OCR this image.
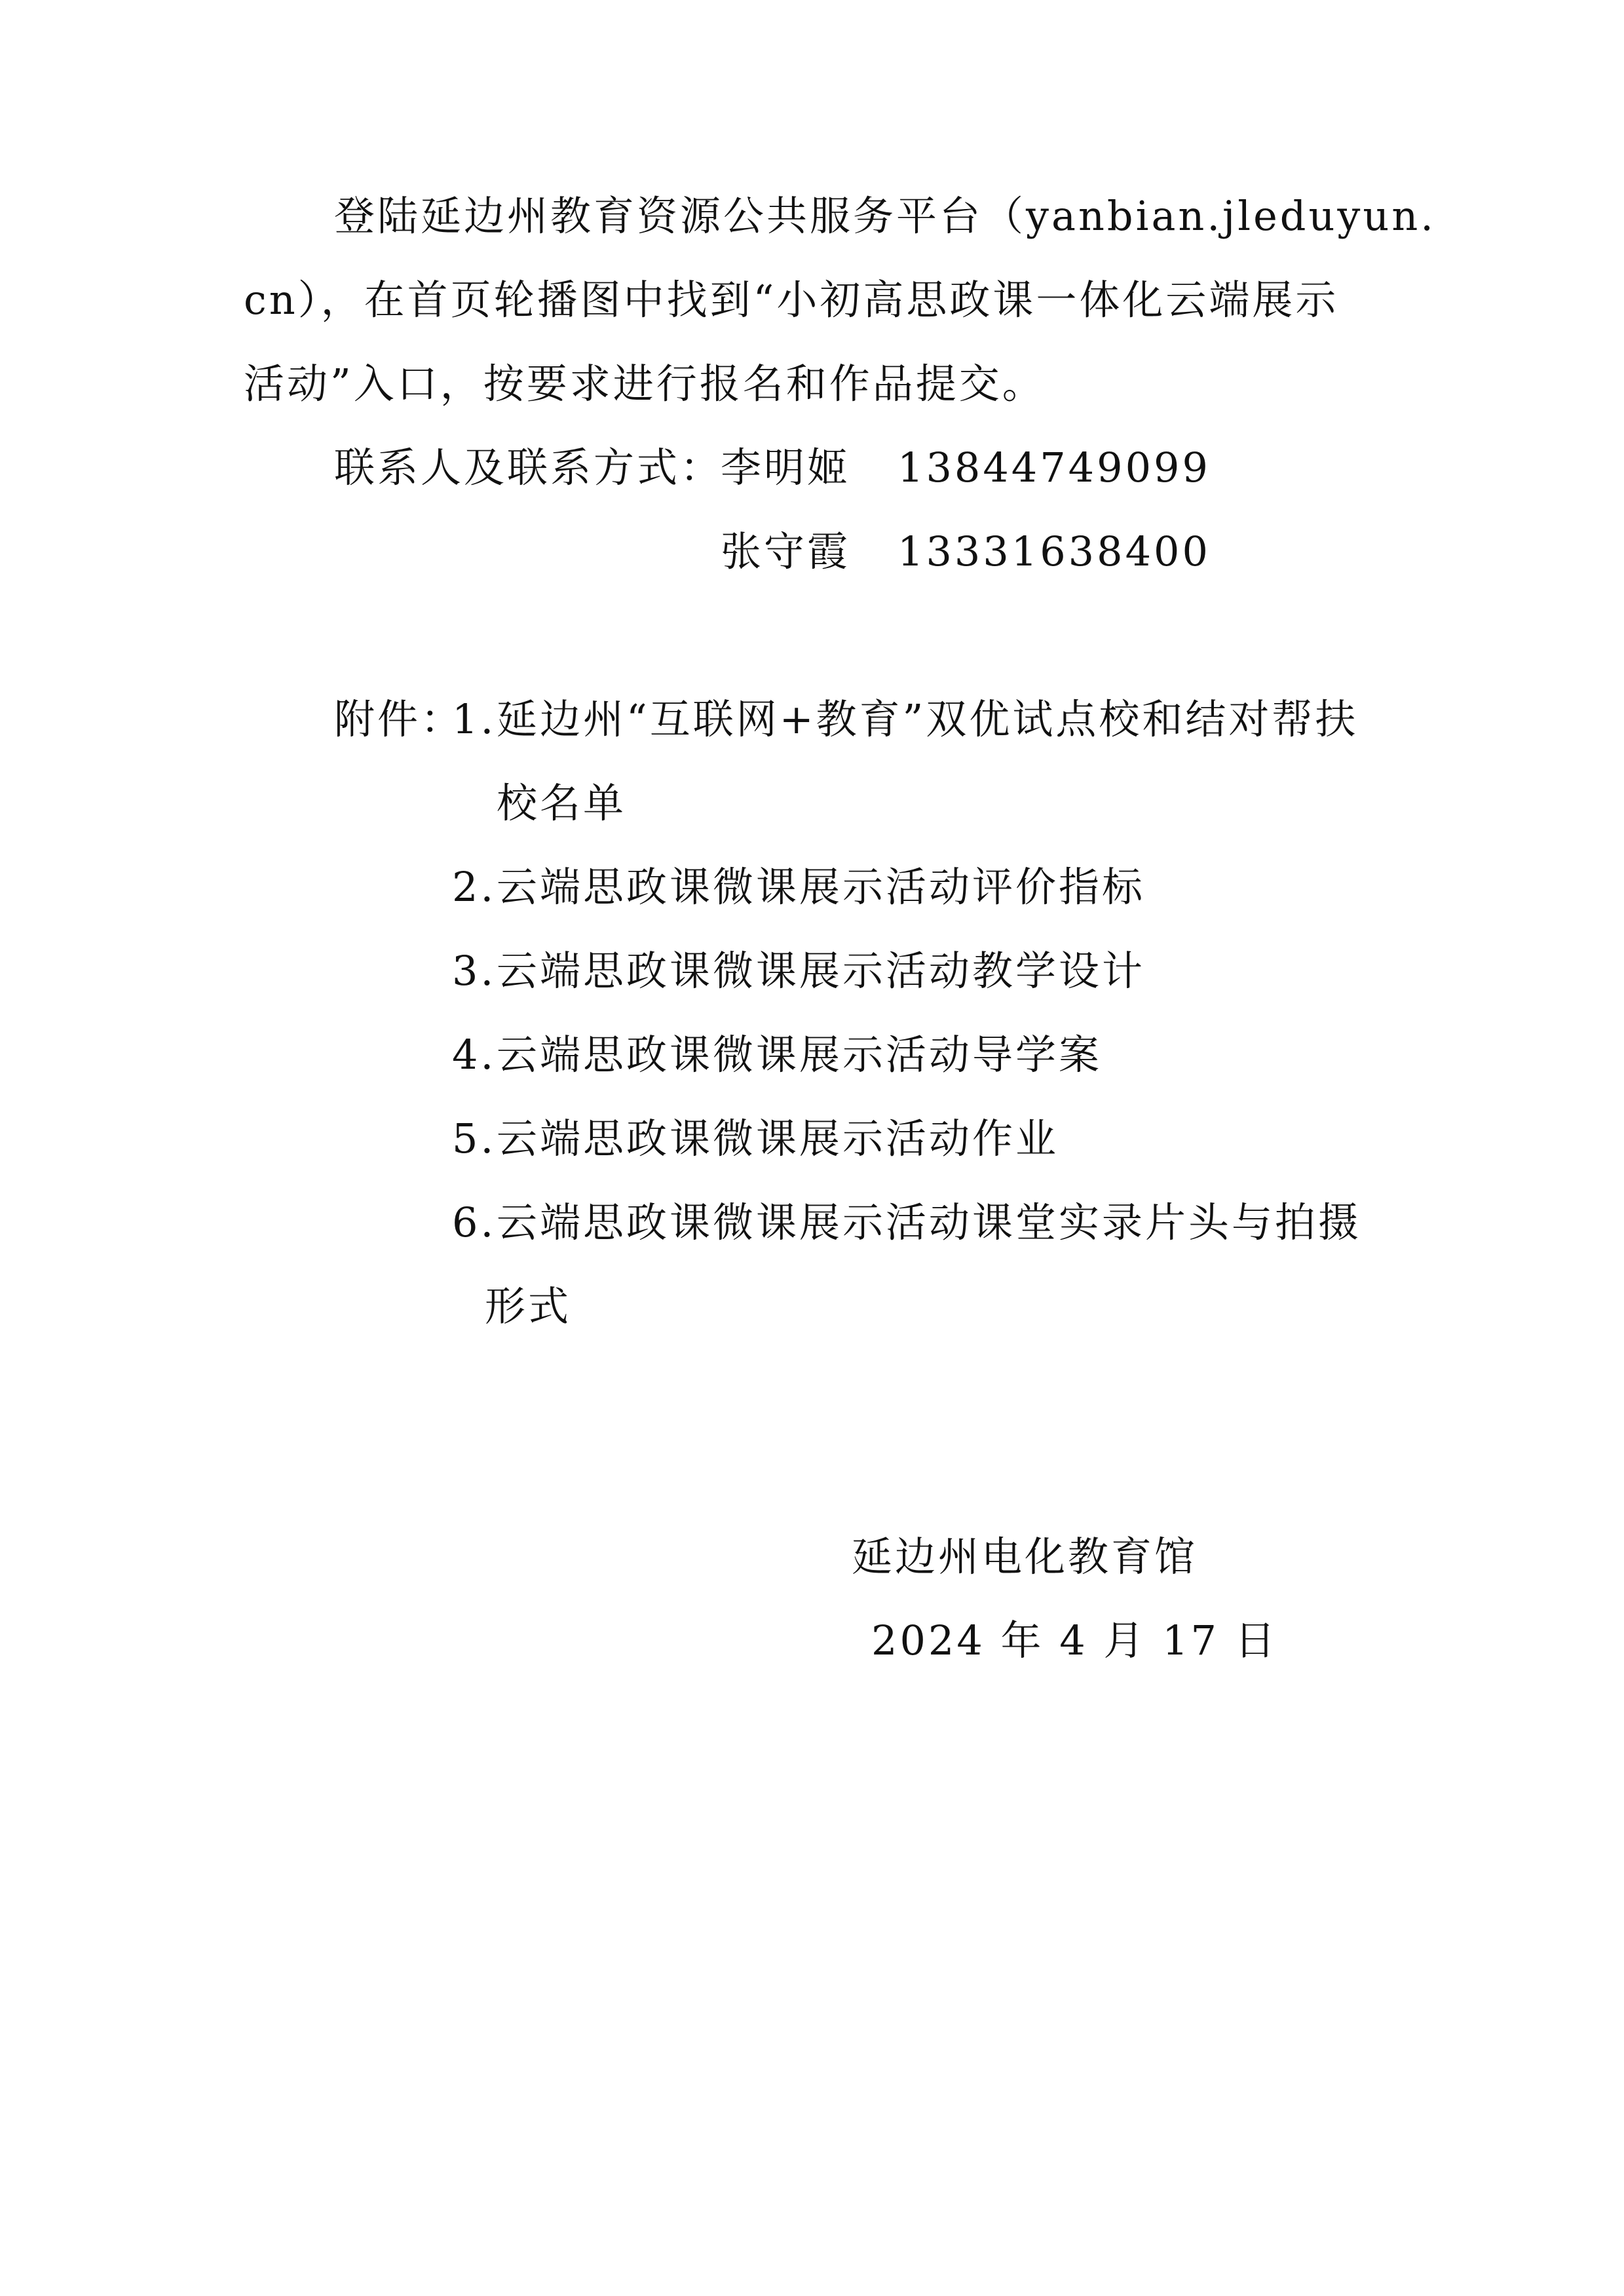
登陆延边州教育资源公共服务平台（yanbian.jleduyun.
cn），在首页轮播图中找到“小初高思政课一体化云端展示
活动”入口，按要求进行报名和作品提交。
联系人及联系方式：
李明姬 13844749099
张守霞 13331638400
附件：
1. 延边州“互联网+教育”双优试点校和结对帮扶
校名单
2. 云端思政课微课展示活动评价指标
3. 云端思政课微课展示活动教学设计
4. 云端思政课微课展示活动导学案
5. 云端思政课微课展示活动作业
6. 云端思政课微课展示活动课堂实录片头与拍摄
形式
延边州电化教育馆
2024 年 4 月 17 日
